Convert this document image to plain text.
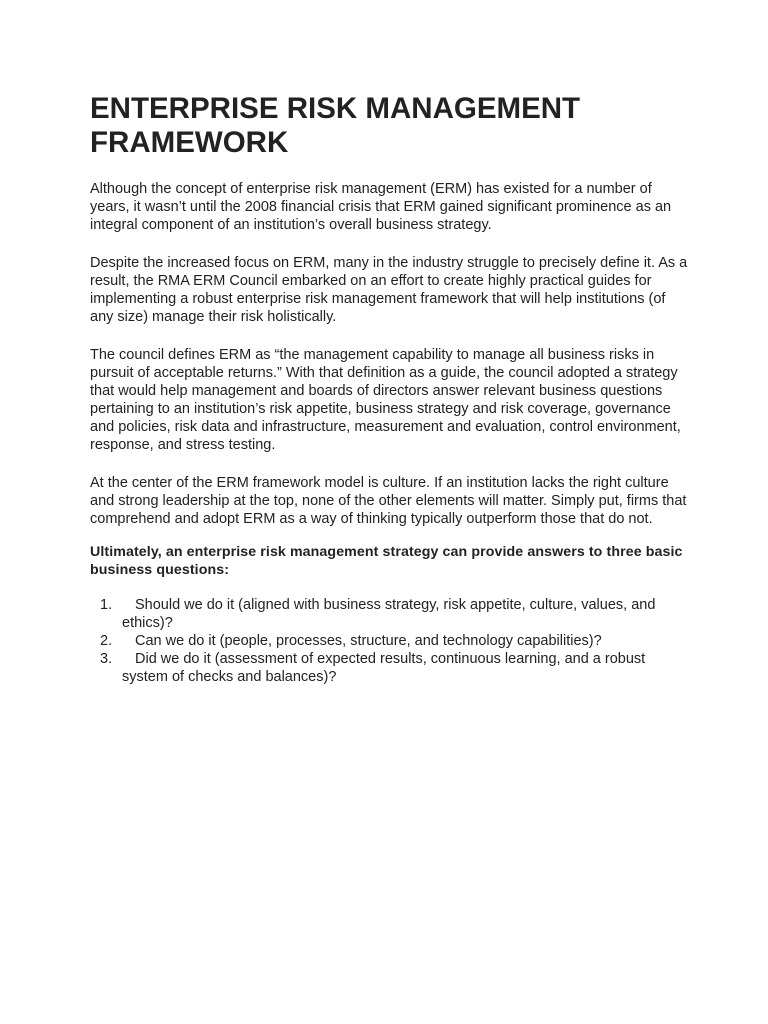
ENTERPRISE RISK MANAGEMENT FRAMEWORK

Although the concept of enterprise risk management (ERM) has existed for a number of years, it wasn’t until the 2008 financial crisis that ERM gained significant prominence as an integral component of an institution’s overall business strategy.

Despite the increased focus on ERM, many in the industry struggle to precisely define it. As a result, the RMA ERM Council embarked on an effort to create highly practical guides for implementing a robust enterprise risk management framework that will help institutions (of any size) manage their risk holistically.

The council defines ERM as “the management capability to manage all business risks in pursuit of acceptable returns.” With that definition as a guide, the council adopted a strategy that would help management and boards of directors answer relevant business questions pertaining to an institution’s risk appetite, business strategy and risk coverage, governance and policies, risk data and infrastructure, measurement and evaluation, control environment, response, and stress testing.

At the center of the ERM framework model is culture. If an institution lacks the right culture and strong leadership at the top, none of the other elements will matter. Simply put, firms that comprehend and adopt ERM as a way of thinking typically outperform those that do not.

Ultimately, an enterprise risk management strategy can provide answers to three basic business questions:

1.	Should we do it (aligned with business strategy, risk appetite, culture, values, and ethics)?
2.	Can we do it (people, processes, structure, and technology capabilities)?
3.	Did we do it (assessment of expected results, continuous learning, and a robust system of checks and balances)?
